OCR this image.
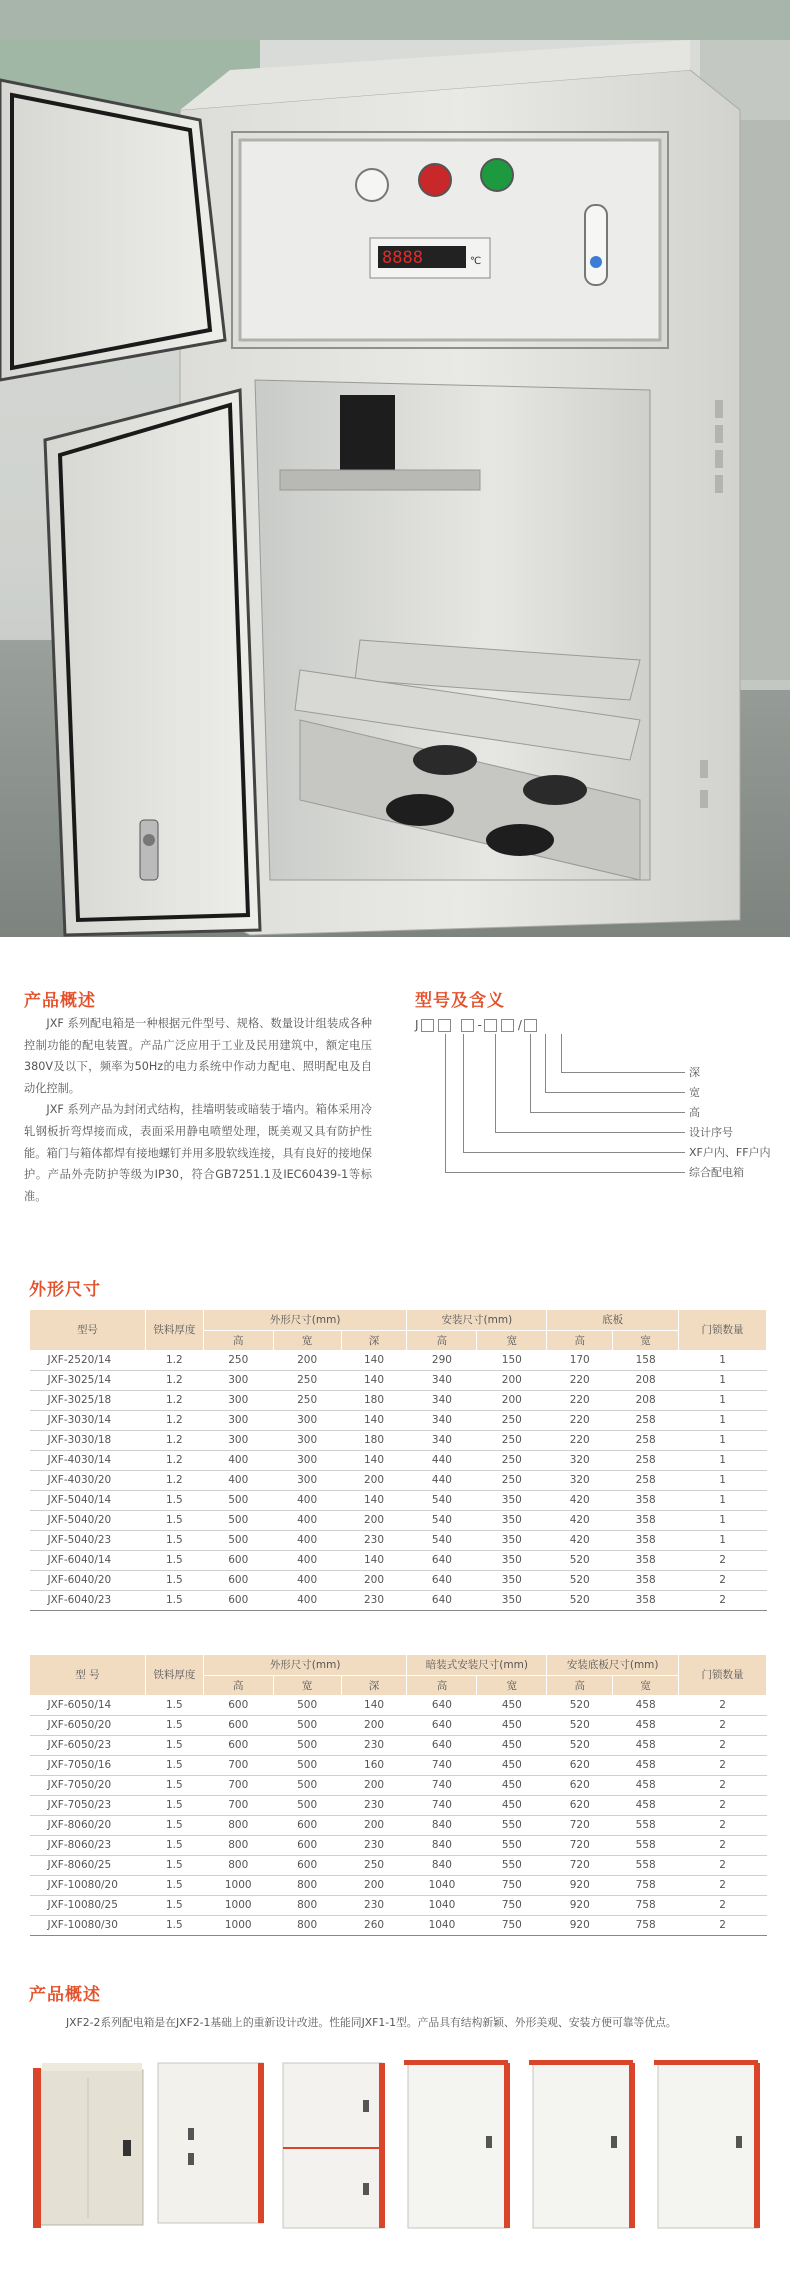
8888	℃
产品概述

JXF 系列配电箱是一种根据元件型号、规格、数量设计组装成各种控制功能的配电装置。产品广泛应用于工业及民用建筑中，额定电压380V及以下，频率为50Hz的电力系统中作动力配电、照明配电及自动化控制。

JXF 系列产品为封闭式结构，挂墙明装或暗装于墙内。箱体采用冷轧钢板折弯焊接而成，表面采用静电喷塑处理，既美观又具有防护性能。箱门与箱体都焊有接地螺钉并用多股软线连接，具有良好的接地保护。产品外壳防护等级为IP30，符合GB7251.1及IEC60439-1等标准。

型号及含义
J	-	/
深
宽
高
设计序号
XF户内、FF户内
综合配电箱
外形尺寸
型号	铁料厚度	外形尺寸(mm)			安装尺寸(mm)		底板		门锁数量
		高	宽	深	高	宽	高	宽	
JXF-2520/14	1.2	250	200	140	290	150	170	158	1
JXF-3025/14	1.2	300	250	140	340	200	220	208	1
JXF-3025/18	1.2	300	250	180	340	200	220	208	1
JXF-3030/14	1.2	300	300	140	340	250	220	258	1
JXF-3030/18	1.2	300	300	180	340	250	220	258	1
JXF-4030/14	1.2	400	300	140	440	250	320	258	1
JXF-4030/20	1.2	400	300	200	440	250	320	258	1
JXF-5040/14	1.5	500	400	140	540	350	420	358	1
JXF-5040/20	1.5	500	400	200	540	350	420	358	1
JXF-5040/23	1.5	500	400	230	540	350	420	358	1
JXF-6040/14	1.5	600	400	140	640	350	520	358	2
JXF-6040/20	1.5	600	400	200	640	350	520	358	2
JXF-6040/23	1.5	600	400	230	640	350	520	358	2
型 号	铁料厚度	外形尺寸(mm)			暗装式安装尺寸(mm)		安装底板尺寸(mm)		门锁数量
		高	宽	深	高	宽	高	宽	
JXF-6050/14	1.5	600	500	140	640	450	520	458	2
JXF-6050/20	1.5	600	500	200	640	450	520	458	2
JXF-6050/23	1.5	600	500	230	640	450	520	458	2
JXF-7050/16	1.5	700	500	160	740	450	620	458	2
JXF-7050/20	1.5	700	500	200	740	450	620	458	2
JXF-7050/23	1.5	700	500	230	740	450	620	458	2
JXF-8060/20	1.5	800	600	200	840	550	720	558	2
JXF-8060/23	1.5	800	600	230	840	550	720	558	2
JXF-8060/25	1.5	800	600	250	840	550	720	558	2
JXF-10080/20	1.5	1000	800	200	1040	750	920	758	2
JXF-10080/25	1.5	1000	800	230	1040	750	920	758	2
JXF-10080/30	1.5	1000	800	260	1040	750	920	758	2
产品概述
JXF2-2系列配电箱是在JXF2-1基础上的重新设计改进。性能同JXF1-1型。产品具有结构新颖、外形美观、安装方便可靠等优点。
